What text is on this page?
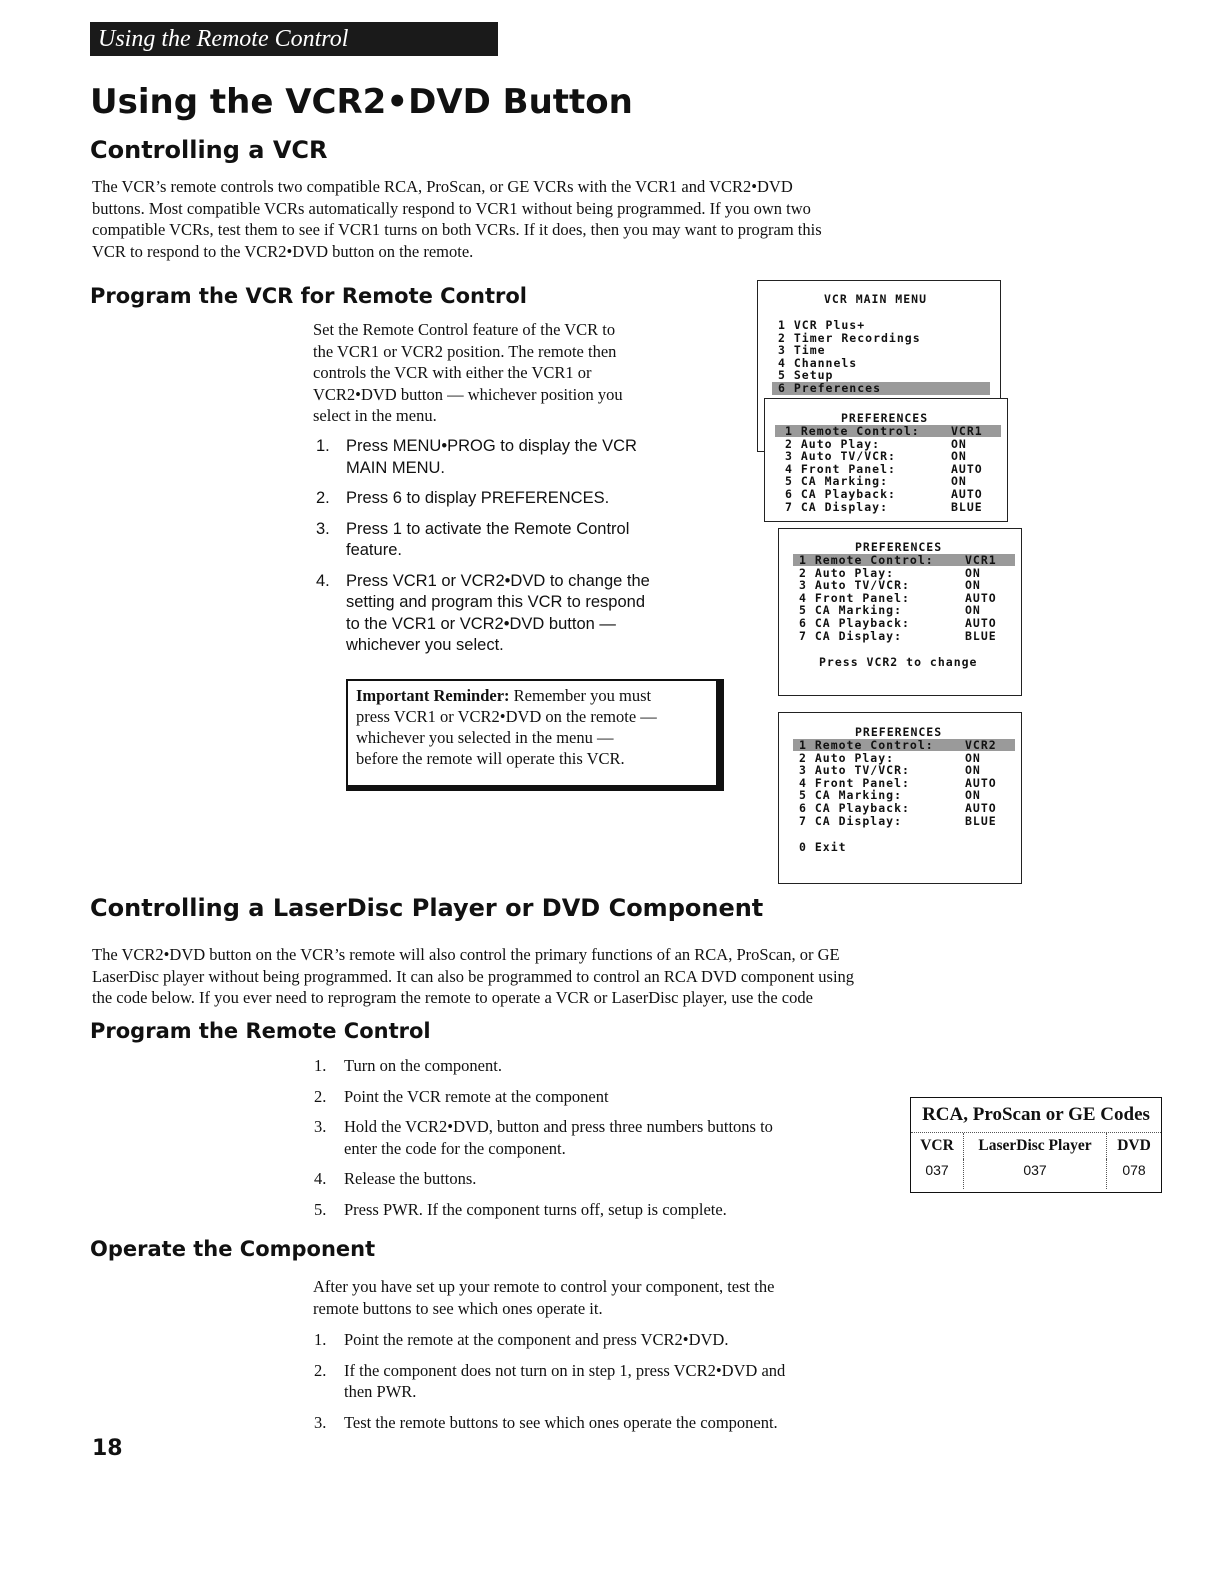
Using the Remote Control
Using the VCR2•DVD Button
Controlling a VCR
The VCR’s remote controls two compatible RCA, ProScan, or GE VCRs with the VCR1 and VCR2•DVD
buttons. Most compatible VCRs automatically respond to VCR1 without being programmed. If you own two
compatible VCRs, test them to see if VCR1 turns on both VCRs. If it does, then you may want to program this
VCR to respond to the VCR2•DVD button on the remote.
Program the VCR for Remote Control
Set the Remote Control feature of the VCR to
the VCR1 or VCR2 position. The remote then
controls the VCR with either the VCR1 or
VCR2•DVD button — whichever position you
select in the menu.
1. Press MENU•PROG to display the VCR
MAIN MENU.
2. Press 6 to display PREFERENCES.
3. Press 1 to activate the Remote Control
feature.
4. Press VCR1 or VCR2•DVD to change the
setting and program this VCR to respond
to the VCR1 or VCR2•DVD button —
whichever you select.
Important Reminder: Remember you must
press VCR1 or VCR2•DVD on the remote —
whichever you selected in the menu —
before the remote will operate this VCR.
VCR MAIN MENU
1 VCR Plus+
2 Timer Recordings
3 Time
4 Channels
5 Setup
6 Preferences
PREFERENCES
1 Remote Control:	VCR1
2 Auto Play:	ON
3 Auto TV/VCR:	ON
4 Front Panel:	AUTO
5 CA Marking:	ON
6 CA Playback:	AUTO
7 CA Display:	BLUE
PREFERENCES
1 Remote Control:	VCR1
2 Auto Play:	ON
3 Auto TV/VCR:	ON
4 Front Panel:	AUTO
5 CA Marking:	ON
6 CA Playback:	AUTO
7 CA Display:	BLUE
Press VCR2 to change
PREFERENCES
1 Remote Control:	VCR2
2 Auto Play:	ON
3 Auto TV/VCR:	ON
4 Front Panel:	AUTO
5 CA Marking:	ON
6 CA Playback:	AUTO
7 CA Display:	BLUE
0 Exit
Controlling a LaserDisc Player or DVD Component
The VCR2•DVD button on the VCR’s remote will also control the primary functions of an RCA, ProScan, or GE
LaserDisc player without being programmed. It can also be programmed to control an RCA DVD component using
the code below. If you ever need to reprogram the remote to operate a VCR or LaserDisc player, use the code
Program the Remote Control
1. Turn on the component.
2. Point the VCR remote at the component
3. Hold the VCR2•DVD, button and press three numbers buttons to
enter the code for the component.
4. Release the buttons.
5. Press PWR. If the component turns off, setup is complete.
RCA, ProScan or GE Codes
VCR	LaserDisc Player	DVD
037	037	078
Operate the Component
After you have set up your remote to control your component, test the
remote buttons to see which ones operate it.
1. Point the remote at the component and press VCR2•DVD.
2. If the component does not turn on in step 1, press VCR2•DVD and
then PWR.
3. Test the remote buttons to see which ones operate the component.
18
